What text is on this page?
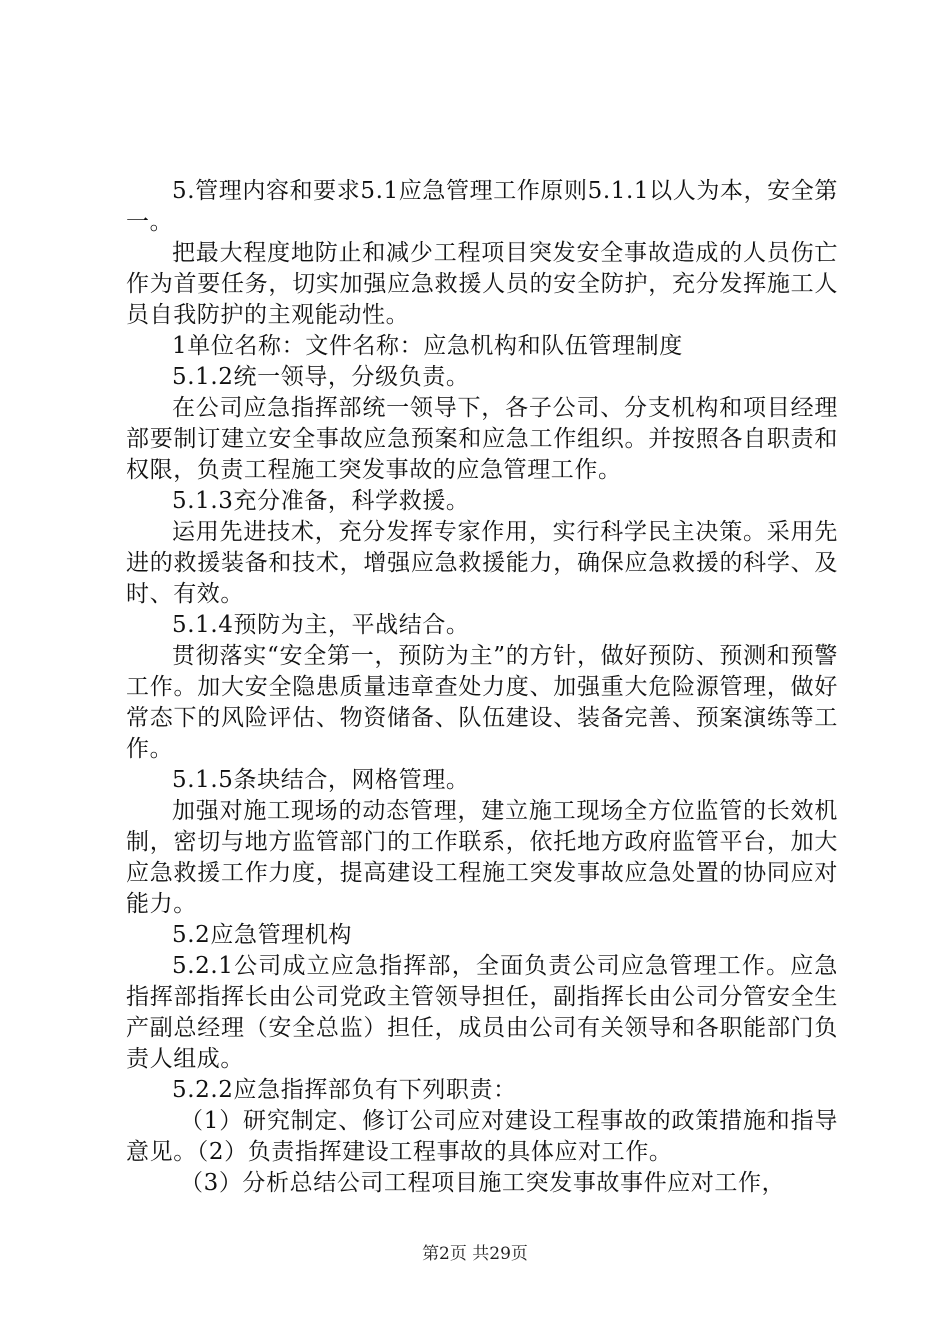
5.管理内容和要求5.1应急管理工作原则5.1.1以人为本，安全第一。

把最大程度地防止和减少工程项目突发安全事故造成的人员伤亡作为首要任务，切实加强应急救援人员的安全防护，充分发挥施工人员自我防护的主观能动性。

1单位名称：文件名称：应急机构和队伍管理制度

5.1.2统一领导，分级负责。

在公司应急指挥部统一领导下，各子公司、分支机构和项目经理部要制订建立安全事故应急预案和应急工作组织。并按照各自职责和权限，负责工程施工突发事故的应急管理工作。

5.1.3充分准备，科学救援。

运用先进技术，充分发挥专家作用，实行科学民主决策。采用先进的救援装备和技术，增强应急救援能力，确保应急救援的科学、及时、有效。

5.1.4预防为主，平战结合。

贯彻落实“安全第一，预防为主”的方针，做好预防、预测和预警工作。加大安全隐患质量违章查处力度、加强重大危险源管理，做好常态下的风险评估、物资储备、队伍建设、装备完善、预案演练等工作。

5.1.5条块结合，网格管理。

加强对施工现场的动态管理，建立施工现场全方位监管的长效机制，密切与地方监管部门的工作联系，依托地方政府监管平台，加大应急救援工作力度，提高建设工程施工突发事故应急处置的协同应对能力。

5.2应急管理机构

5.2.1公司成立应急指挥部，全面负责公司应急管理工作。应急指挥部指挥长由公司党政主管领导担任，副指挥长由公司分管安全生产副总经理（安全总监）担任，成员由公司有关领导和各职能部门负责人组成。

5.2.2应急指挥部负有下列职责：

（1）研究制定、修订公司应对建设工程事故的政策措施和指导意见。（2）负责指挥建设工程事故的具体应对工作。

（3）分析总结公司工程项目施工突发事故事件应对工作，

第2页 共29页
